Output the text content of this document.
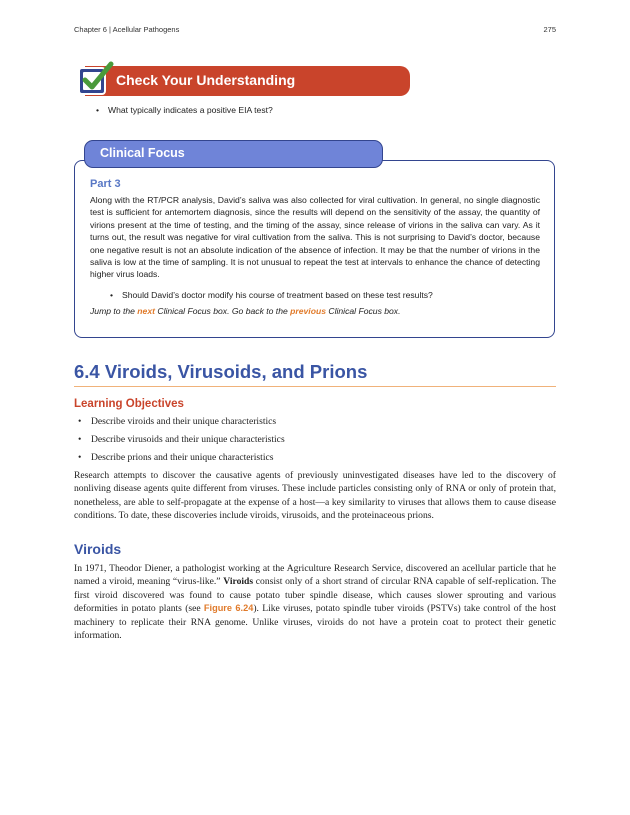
Chapter 6 | Acellular Pathogens	275
Check Your Understanding
• What typically indicates a positive EIA test?
Clinical Focus
Part 3

Along with the RT/PCR analysis, David’s saliva was also collected for viral cultivation. In general, no single diagnostic test is sufficient for antemortem diagnosis, since the results will depend on the sensitivity of the assay, the quantity of virions present at the time of testing, and the timing of the assay, since release of virions in the saliva can vary. As it turns out, the result was negative for viral cultivation from the saliva. This is not surprising to David’s doctor, because one negative result is not an absolute indication of the absence of infection. It may be that the number of virions in the saliva is low at the time of sampling. It is not unusual to repeat the test at intervals to enhance the chance of detecting higher virus loads.

• Should David’s doctor modify his course of treatment based on these test results?
Jump to the next Clinical Focus box. Go back to the previous Clinical Focus box.
6.4 Viroids, Virusoids, and Prions
Learning Objectives
• Describe viroids and their unique characteristics
• Describe virusoids and their unique characteristics
• Describe prions and their unique characteristics

Research attempts to discover the causative agents of previously uninvestigated diseases have led to the discovery of nonliving disease agents quite different from viruses. These include particles consisting only of RNA or only of protein that, nonetheless, are able to self-propagate at the expense of a host—a key similarity to viruses that allows them to cause disease conditions. To date, these discoveries include viroids, virusoids, and the proteinaceous prions.

Viroids

In 1971, Theodor Diener, a pathologist working at the Agriculture Research Service, discovered an acellular particle that he named a viroid, meaning “virus-like.” Viroids consist only of a short strand of circular RNA capable of self-replication. The first viroid discovered was found to cause potato tuber spindle disease, which causes slower sprouting and various deformities in potato plants (see Figure 6.24). Like viruses, potato spindle tuber viroids (PSTVs) take control of the host machinery to replicate their RNA genome. Unlike viruses, viroids do not have a protein coat to protect their genetic information.
